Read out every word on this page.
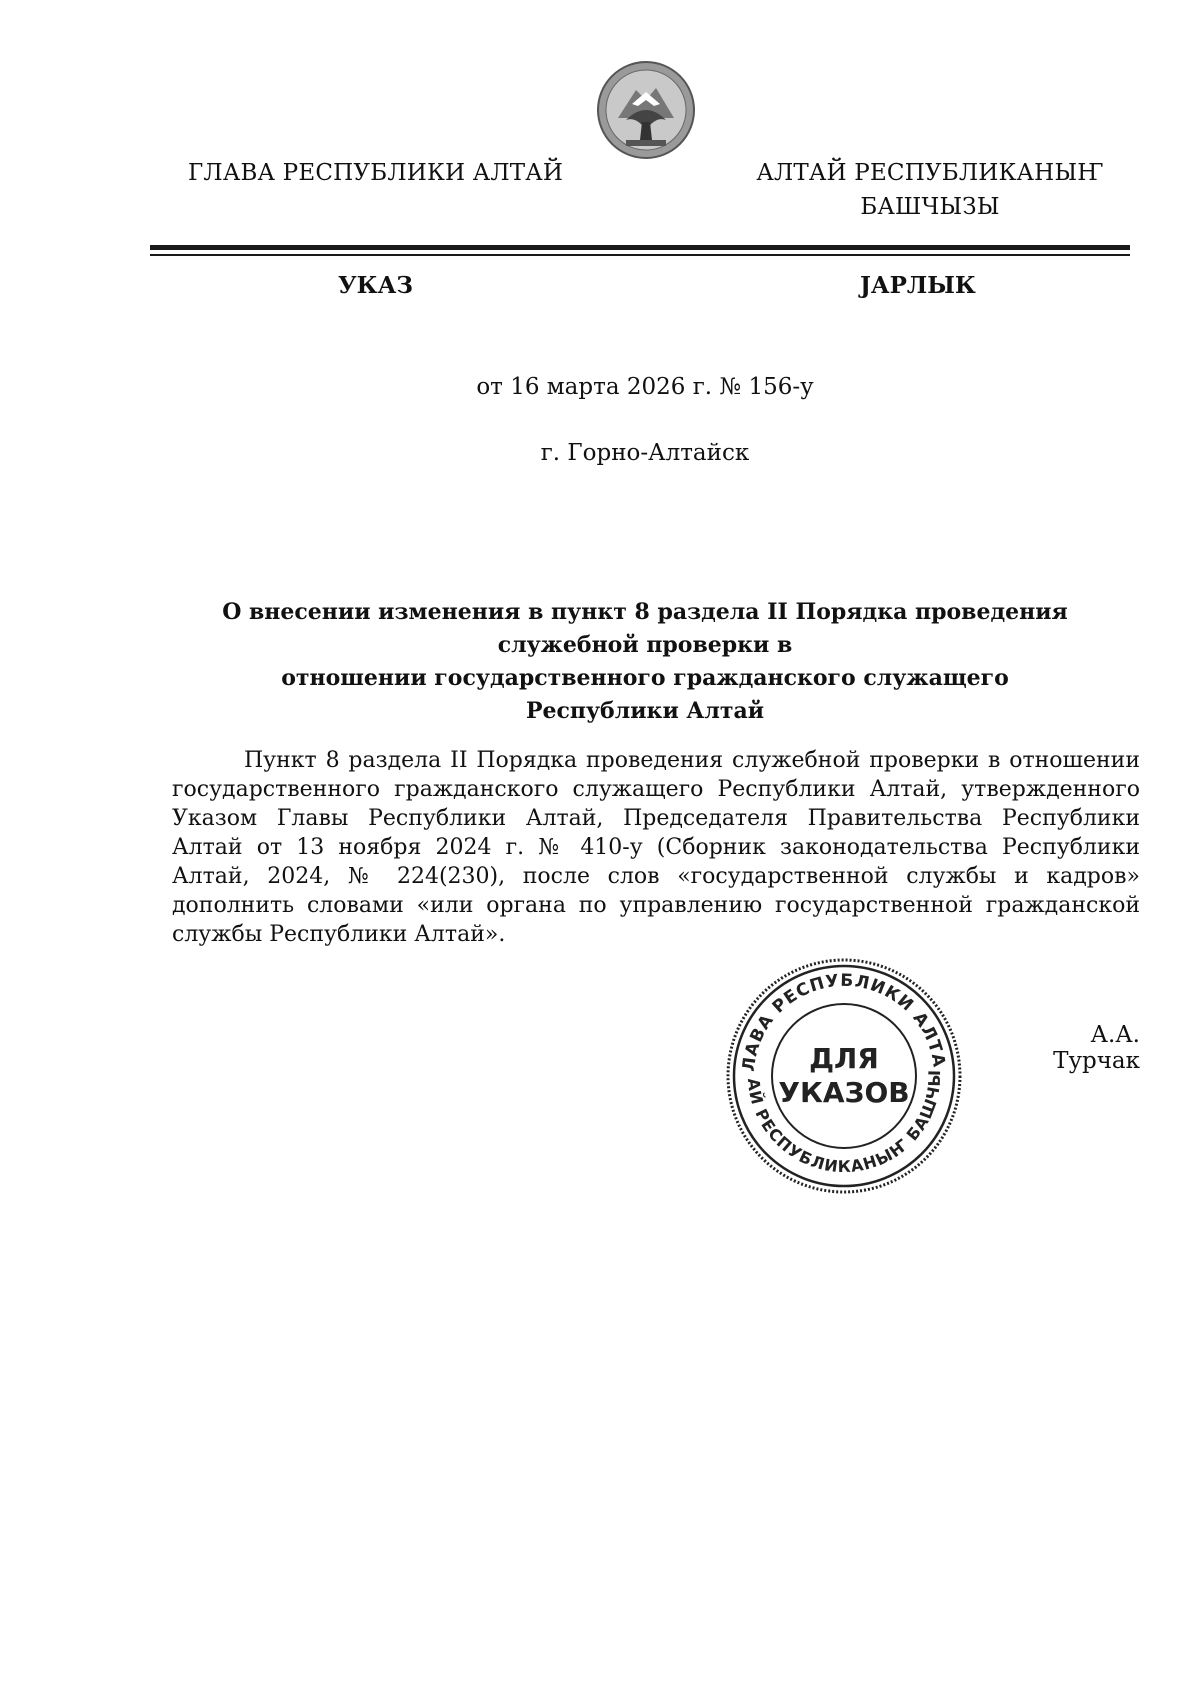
ГЛАВА РЕСПУБЛИКИ АЛТАЙ	АЛТАЙ РЕСПУБЛИКАНЫҤ
БАШЧЫЗЫ
УКАЗ	ЈАРЛЫК
от 16 марта 2026 г. № 156-у
г. Горно-Алтайск
О внесении изменения в пункт 8 раздела II Порядка проведения служебной проверки в
отношении государственного гражданского служащего
Республики Алтай
Пункт 8 раздела II Порядка проведения служебной проверки в отношении государственного гражданского служащего Республики Алтай, утвержденного Указом Главы Республики Алтай, Председателя Правительства Республики Алтай от 13 ноября 2024 г. № 410-у (Сборник законодательства Республики Алтай, 2024, № 224(230), после слов «государственной службы и кадров» дополнить словами «или органа по управлению государственной гражданской службы Республики Алтай».
ЛАВА РЕСПУБЛИКИ АЛТА
АЙ РЕСПУБЛИКАНЫҤ БАШЧЫ
ДЛЯ
УКАЗОВ
А.А. Турчак
